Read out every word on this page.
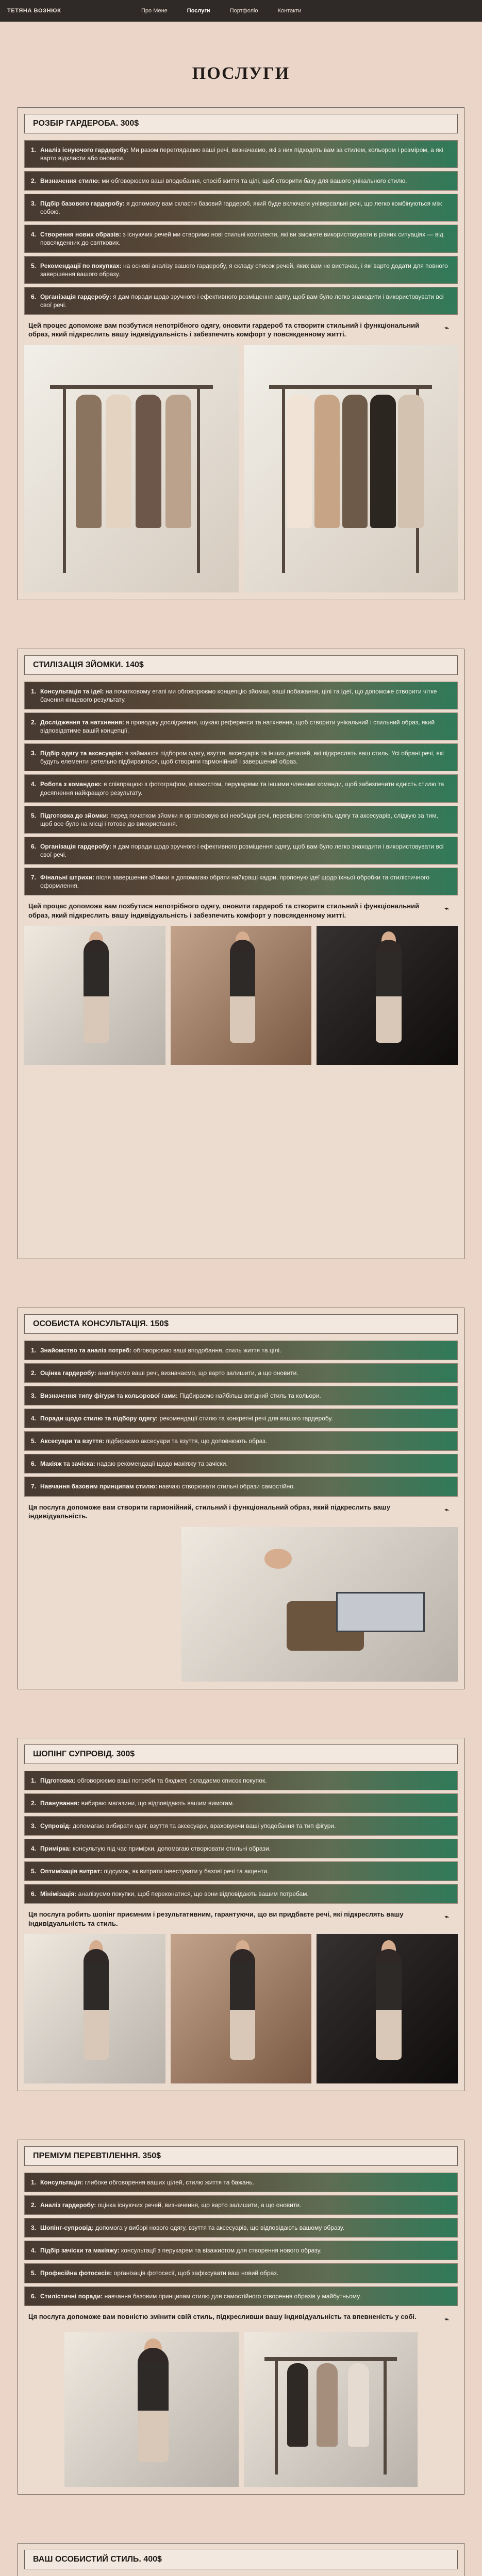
ТЕТЯНА ВОЗНЮК	Про Мене	Послуги	Портфоліо	Контакти
ПОСЛУГИ
РОЗБІР ГАРДЕРОБА. 300$
1. Аналіз існуючого гардеробу: Ми разом переглядаємо ваші речі, визначаємо, які з них підходять вам за стилем, кольором і розміром, а які варто відкласти або оновити.
2. Визначення стилю: ми обговорюємо ваші вподобання, спосіб життя та цілі, щоб створити базу для вашого унікального стилю.
3. Підбір базового гардеробу: я допоможу вам скласти базовий гардероб, який буде включати універсальні речі, що легко комбінуються між собою.
4. Створення нових образів: з існуючих речей ми створимо нові стильні комплекти, які ви зможете використовувати в різних ситуаціях — від повсякденних до святкових.
5. Рекомендації по покупках: на основі аналізу вашого гардеробу, я складу список речей, яких вам не вистачає, і які варто додати для повного завершення вашого образу.
6. Організація гардеробу: я дам поради щодо зручного і ефективного розміщення одягу, щоб вам було легко знаходити і використовувати всі свої речі.

Цей процес допоможе вам позбутися непотрібного одягу, оновити гардероб та створити стильний і функціональний образ, який підкреслить вашу індивідуальність і забезпечить комфорт у повсякденному житті.

⌁
СТИЛІЗАЦІЯ ЗЙОМКИ. 140$
1. Консультація та ідеї: на початковому етапі ми обговорюємо концепцію зйомки, ваші побажання, цілі та ідеї, що допоможе створити чітке бачення кінцевого результату.
2. Дослідження та натхнення: я проводжу дослідження, шукаю референси та натхнення, щоб створити унікальний і стильний образ, який відповідатиме вашій концепції.
3. Підбір одягу та аксесуарів: я займаюся підбором одягу, взуття, аксесуарів та інших деталей, які підкреслять ваш стиль. Усі обрані речі, які будуть елементи ретельно підбираються, щоб створити гармонійний і завершений образ.
4. Робота з командою: я співпрацюю з фотографом, візажистом, перукарями та іншими членами команди, щоб забезпечити єдність стилю та досягнення найкращого результату.
5. Підготовка до зйомки: перед початком зйомки я організовую всі необхідні речі, перевіряю готовність одягу та аксесуарів, слідкую за тим, щоб все було на місці і готове до використання.
6. Організація гардеробу: я дам поради щодо зручного і ефективного розміщення одягу, щоб вам було легко знаходити і використовувати всі свої речі.
7. Фінальні штрихи: після завершення зйомки я допомагаю обрати найкращі кадри, пропоную ідеї щодо їхньої обробки та стилістичного оформлення.

Цей процес допоможе вам позбутися непотрібного одягу, оновити гардероб та створити стильний і функціональний образ, який підкреслить вашу індивідуальність і забезпечить комфорт у повсякденному житті.

⌁
ОСОБИСТА КОНСУЛЬТАЦІЯ. 150$
1. Знайомство та аналіз потреб: обговорюємо ваші вподобання, стиль життя та цілі.
2. Оцінка гардеробу: аналізуємо ваші речі, визначаємо, що варто залишити, а що оновити.
3. Визначення типу фігури та кольорової гами: Підбираємо найбільш вигідний стиль та кольори.
4. Поради щодо стилю та підбору одягу: рекомендації стилю та конкретні речі для вашого гардеробу.
5. Аксесуари та взуття: підбираємо аксесуари та взуття, що доповнюють образ.
6. Макіяж та зачіска: надаю рекомендації щодо макіяжу та зачіски.
7. Навчання базовим принципам стилю: навчаю створювати стильні образи самостійно.

Ця послуга допоможе вам створити гармонійний, стильний і функціональний образ, який підкреслить вашу індивідуальність.

⌁
ШОПІНГ СУПРОВІД. 300$
1. Підготовка: обговорюємо ваші потреби та бюджет, складаємо список покупок.
2. Планування: вибираю магазини, що відповідають вашим вимогам.
3. Супровід: допомагаю вибирати одяг, взуття та аксесуари, враховуючи ваші уподобання та тип фігури.
4. Примірка: консультую під час примірки, допомагаю створювати стильні образи.
5. Оптимізація витрат: підсумок, як витрати інвестувати у базові речі та акценти.
6. Мінімізація: аналізуємо покупки, щоб переконатися, що вони відповідають вашим потребам.

Ця послуга робить шопінг приємним і результативним, гарантуючи, що ви придбаєте речі, які підкреслять вашу індивідуальність та стиль.

⌁
ПРЕМІУМ ПЕРЕВТІЛЕННЯ. 350$
1. Консультація: глибоке обговорення ваших цілей, стилю життя та бажань.
2. Аналіз гардеробу: оцінка існуючих речей, визначення, що варто залишити, а що оновити.
3. Шопінг-супровід: допомога у виборі нового одягу, взуття та аксесуарів, що відповідають вашому образу.
4. Підбір зачіски та макіяжу: консультації з перукарем та візажистом для створення нового образу.
5. Професійна фотосесія: організація фотосесії, щоб зафіксувати ваш новий образ.
6. Стилістичні поради: навчання базовим принципам стилю для самостійного створення образів у майбутньому.

Ця послуга допоможе вам повністю змінити свій стиль, підкресливши вашу індивідуальність та впевненість у собі.	⌁
ВАШ ОСОБИСТИЙ СТИЛЬ. 400$
